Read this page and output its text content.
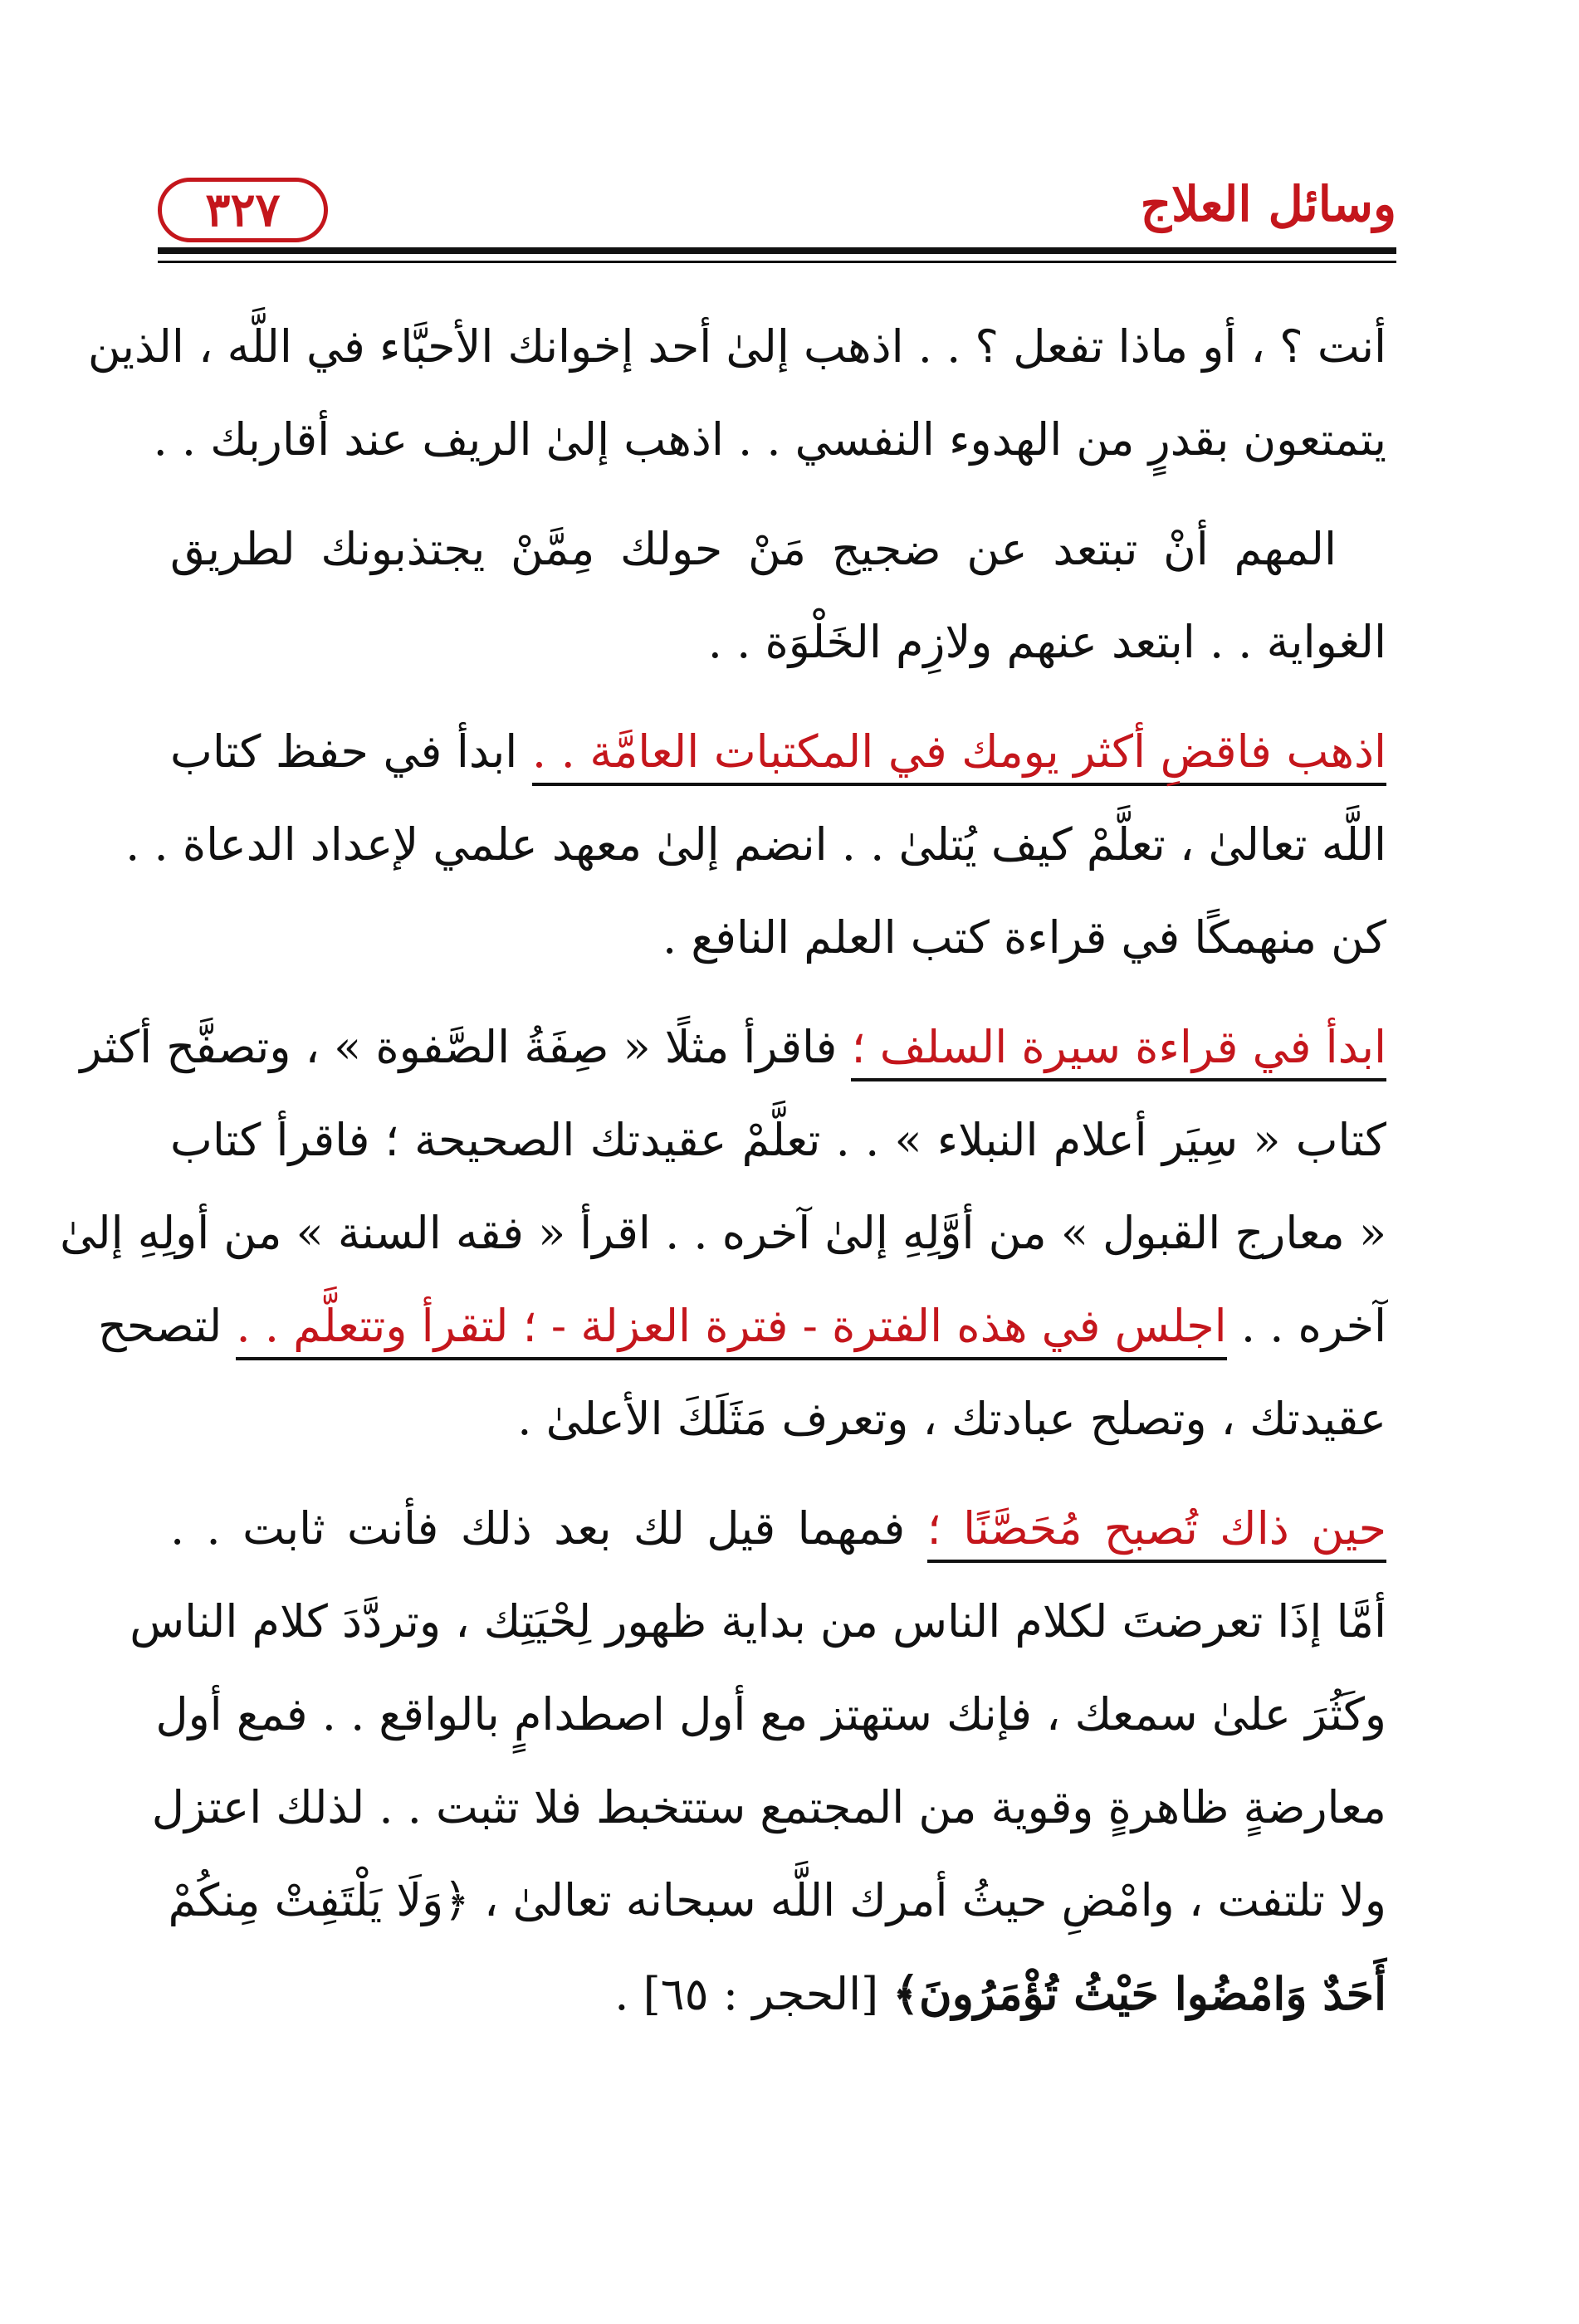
وسائل العلاج
٣٢٧
أنت ؟ ، أو ماذا تفعل ؟ . . اذهب إلىٰ أحد إخوانك الأحبَّاء في اللَّه ، الذين
يتمتعون بقدرٍ من الهدوء النفسي . . اذهب إلىٰ الريف عند أقاربك . .
المهم أنْ تبتعد عن ضجيج مَنْ حولك مِمَّنْ يجتذبونك لطريق
الغواية . . ابتعد عنهم ولازِم الخَلْوَة . .
اذهب فاقضِ أكثر يومك في المكتبات العامَّة . . ابدأ في حفظ كتاب
اللَّه تعالىٰ ، تعلَّمْ كيف يُتلىٰ . . انضم إلىٰ معهد علمي لإعداد الدعاة . .
كن منهمكًا في قراءة كتب العلم النافع .
ابدأ في قراءة سيرة السلف ؛ فاقرأ مثلًا « صِفَةُ الصَّفوة » ، وتصفَّح أكثر
كتاب « سِيَر أعلام النبلاء » . . تعلَّمْ عقيدتك الصحيحة ؛ فاقرأ كتاب
« معارج القبول » من أوَّلِهِ إلىٰ آخره . . اقرأ « فقه السنة » من أولِهِ إلىٰ
آخره . . اجلس في هذه الفترة - فترة العزلة - ؛ لتقرأ وتتعلَّم . . لتصحح
عقيدتك ، وتصلح عبادتك ، وتعرف مَثَلَكَ الأعلىٰ .
حين ذاك تُصبح مُحَصَّنًا ؛ فمهما قيل لك بعد ذلك فأنت ثابت . .
أمَّا إذَا تعرضتَ لكلام الناس من بداية ظهور لِحْيَتِك ، وتردَّدَ كلام الناس
وكَثُرَ علىٰ سمعك ، فإنك ستهتز مع أول اصطدامٍ بالواقع . . فمع أول
معارضةٍ ظاهرةٍ وقوية من المجتمع ستتخبط فلا تثبت . . لذلك اعتزل
ولا تلتفت ، وامْضِ حيثُ أمرك اللَّه سبحانه تعالىٰ ، ﴿وَلَا يَلْتَفِتْ مِنكُمْ
أَحَدٌ وَامْضُوا حَيْثُ تُؤْمَرُونَ﴾ [الحجر : ٦٥] .
